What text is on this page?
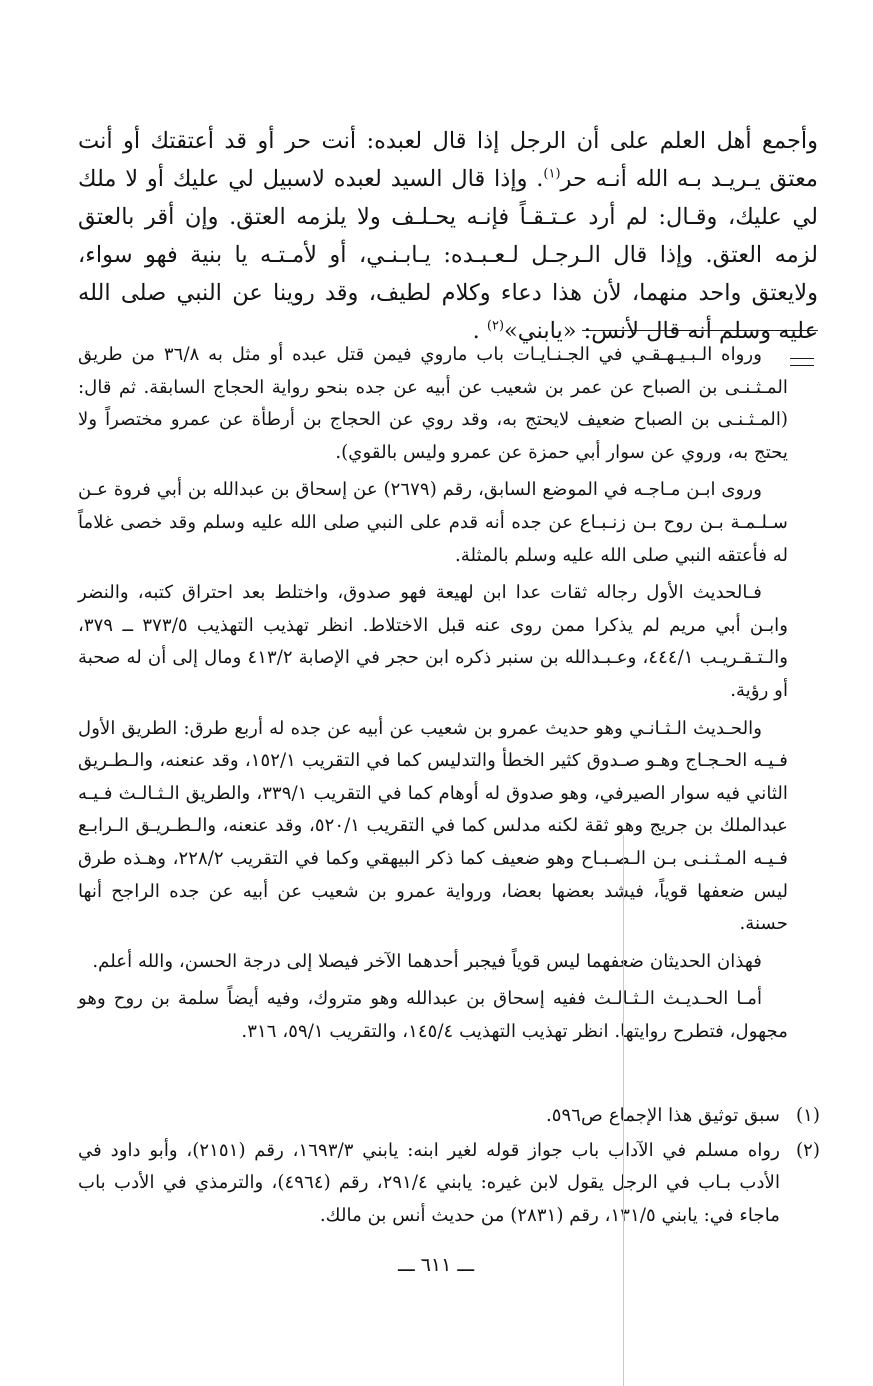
وأجمع أهل العلم على أن الرجل إذا قال لعبده: أنت حر أو قد أعتقتك أو أنت معتق يـريـد بـه الله أنـه حر$^{(١)}$. وإذا قال السيد لعبده لاسبيل لي عليك أو لا ملك لي عليك، وقـال: لم أرد عـتـقـاً فإنـه يحـلـف ولا يلزمه العتق. وإن أقر بالعتق لزمه العتق. وإذا قال الـرجـل لـعـبـده: يـابـنـي، أو لأمـتـه يا بنية فهو سواء، ولايعتق واحد منهما، لأن هذا دعاء وكلام لطيف، وقد روينا عن النبي صلى الله عليه وسلم أنه قال لأنس: «يابني»$^{(٢)}$ .

ورواه الـبـيـهـقـي في الجـنـايـات باب ماروي فيمن قتل عبده أو مثل به ٣٦/٨ من طريق المـثـنـى بن الصباح عن عمر بن شعيب عن أبيه عن جده بنحو رواية الحجاج السابقة. ثم قال: (المـثـنـى بن الصباح ضعيف لايحتج به، وقد روي عن الحجاج بن أرطأة عن عمرو مختصراً ولا يحتج به، وروي عن سوار أبي حمزة عن عمرو وليس بالقوي).

وروى ابـن مـاجـه في الموضع السابق، رقم (٢٦٧٩) عن إسحاق بن عبدالله بن أبي فروة عـن سـلـمـة بـن روح بـن زنـبـاع عن جده أنه قدم على النبي صلى الله عليه وسلم وقد خصى غلاماً له فأعتقه النبي صلى الله عليه وسلم بالمثلة.

فـالحديث الأول رجاله ثقات عدا ابن لهيعة فهو صدوق، واختلط بعد احتراق كتبه، والنضر وابـن أبي مريم لم يذكرا ممن روى عنه قبل الاختلاط. انظر تهذيب التهذيب ٣٧٣/٥ ــ ٣٧٩، والـتـقـريـب ٤٤٤/١، وعـبـدالله بن سنبر ذكره ابن حجر في الإصابة ٤١٣/٢ ومال إلى أن له صحبة أو رؤية.

والحـديث الـثـانـي وهو حديث عمرو بن شعيب عن أبيه عن جده له أربع طرق: الطريق الأول فـيـه الحـجـاج وهـو صـدوق كثير الخطأ والتدليس كما في التقريب ١٥٢/١، وقد عنعنه، والـطـريق الثاني فيه سوار الصيرفي، وهو صدوق له أوهام كما في التقريب ٣٣٩/١، والطريق الـثـالـث فـيـه عبدالملك بن جريج وهو ثقة لكنه مدلس كما في التقريب ٥٢٠/١، وقد عنعنه، والـطـريـق الـرابـع فـيـه المـثـنـى بـن الـصـبـاح وهو ضعيف كما ذكر البيهقي وكما في التقريب ٢٢٨/٢، وهـذه طرق ليس ضعفها قوياً، فيشد بعضها بعضا، ورواية عمرو بن شعيب عن أبيه عن جده الراجح أنها حسنة.

فهذان الحديثان ضعفهما ليس قوياً فيجبر أحدهما الآخر فيصلا إلى درجة الحسن، والله أعلم.

أمـا الحـديـث الـثـالـث ففيه إسحاق بن عبدالله وهو متروك، وفيه أيضاً سلمة بن روح وهو مجهول، فتطرح روايتها. انظر تهذيب التهذيب ١٤٥/٤، والتقريب ٥٩/١، ٣١٦.

(١)
سبق توثيق هذا الإجماع ص٥٩٦.
(٢)
رواه مسلم في الآداب باب جواز قوله لغير ابنه: يابني ١٦٩٣/٣، رقم (٢١٥١)، وأبو داود في الأدب بـاب في الرجل يقول لابن غيره: يابني ٢٩١/٤، رقم (٤٩٦٤)، والترمذي في الأدب باب ماجاء في: يابني ١٣١/٥، رقم (٢٨٣١) من حديث أنس بن مالك.
ـــ ٦١١ ـــ
